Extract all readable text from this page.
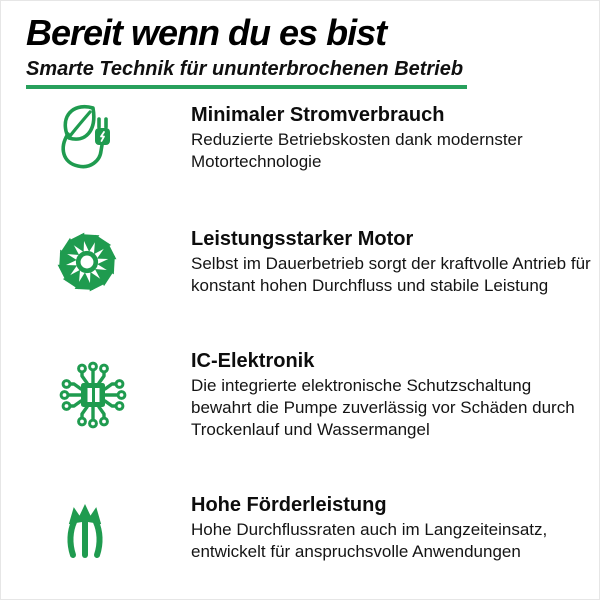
Bereit wenn du es bist
Smarte Technik für ununterbrochenen Betrieb
Minimaler Stromverbrauch
Reduzierte Betriebskosten dank modernster Motortechnologie
Leistungsstarker Motor
Selbst im Dauerbetrieb sorgt der kraftvolle Antrieb für konstant hohen Durchfluss und stabile Leistung
IC-Elektronik
Die integrierte elektronische Schutzschaltung bewahrt die Pumpe zuverlässig vor Schäden durch Trockenlauf und Wassermangel
Hohe Förderleistung
Hohe Durchflussraten auch im Langzeiteinsatz, entwickelt für anspruchsvolle Anwendungen
